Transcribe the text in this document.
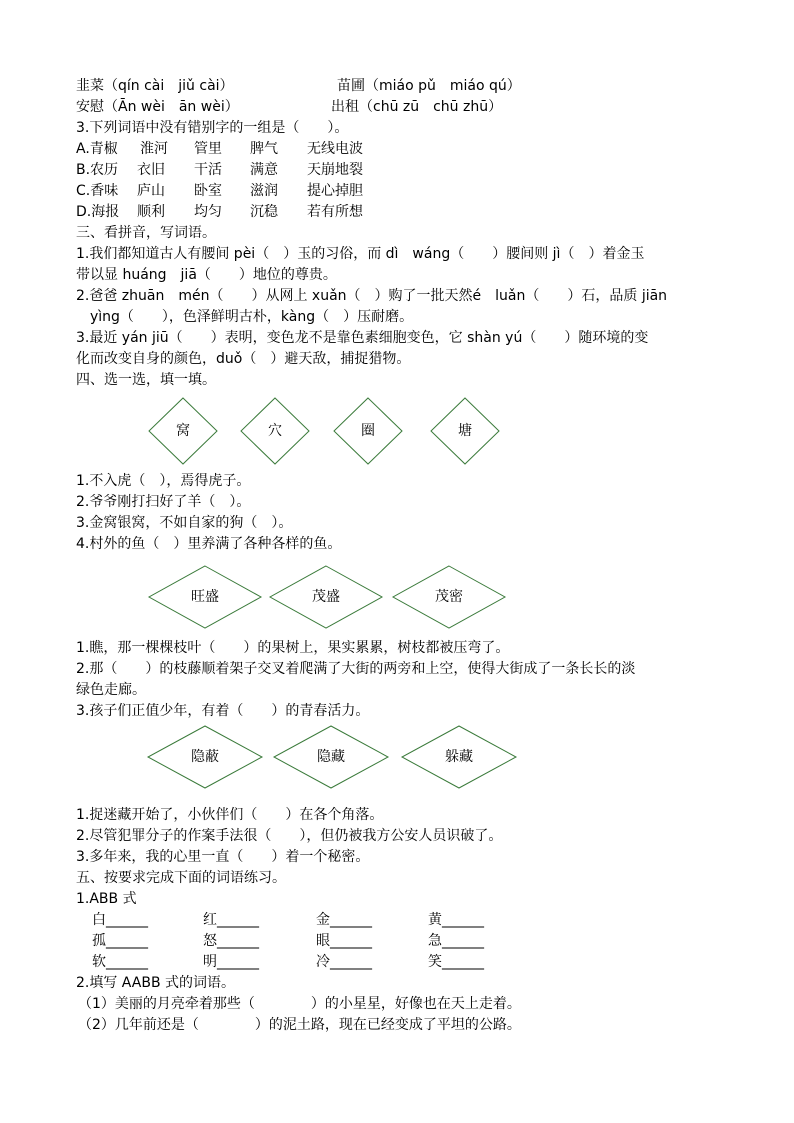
韭菜（qín cài　jiǔ cài）	苗圃（miáo pǔ　miáo qú）
安慰（Ān wèi　ān wèi）	出租（chū zū　chū zhū）
3.下列词语中没有错别字的一组是（　　）。
A.青椒 淮河 管里 脾气 无线电波
B.农历 衣旧 干活 满意 天崩地裂
C.香味 庐山 卧室 滋润 提心掉胆
D.海报 顺利 均匀 沉稳 若有所想
三、看拼音，写词语。
1.我们都知道古人有腰间 pèi（　）玉的习俗，而 dì　wáng（　　）腰间则 jì（　）着金玉
带以显 huáng　jiā（　　）地位的尊贵。
2.爸爸 zhuān　mén（　　）从网上 xuǎn（　）购了一批天然é　luǎn（　　）石，品质 jiān
　yìng（　　），色泽鲜明古朴，kàng（　）压耐磨。
3.最近 yán jiū（　　）表明，变色龙不是靠色素细胞变色，它 shàn yú（　　）随环境的变
化而改变自身的颜色，duǒ（　）避天敌，捕捉猎物。
四、选一选，填一填。
窝	穴	圈	塘
1.不入虎（　），焉得虎子。
2.爷爷刚打扫好了羊（　）。
3.金窝银窝，不如自家的狗（　）。
4.村外的鱼（　）里养满了各种各样的鱼。
旺盛	茂盛	茂密
1.瞧，那一棵棵枝叶（　　）的果树上，果实累累，树枝都被压弯了。
2.那（　　）的枝藤顺着架子交叉着爬满了大街的两旁和上空，使得大街成了一条长长的淡
绿色走廊。
3.孩子们正值少年，有着（　　）的青春活力。
隐蔽	隐藏	躲藏
1.捉迷藏开始了，小伙伴们（　　）在各个角落。
2.尽管犯罪分子的作案手法很（　　），但仍被我方公安人员识破了。
3.多年来，我的心里一直（　　）着一个秘密。
五、按要求完成下面的词语练习。
1.ABB 式
白______	红______	金______	黄______
孤______	怒______	眼______	急______
软______	明______	冷______	笑______
2.填写 AABB 式的词语。
（1）美丽的月亮牵着那些（　　　　）的小星星，好像也在天上走着。
（2）几年前还是（　　　　）的泥土路，现在已经变成了平坦的公路。
